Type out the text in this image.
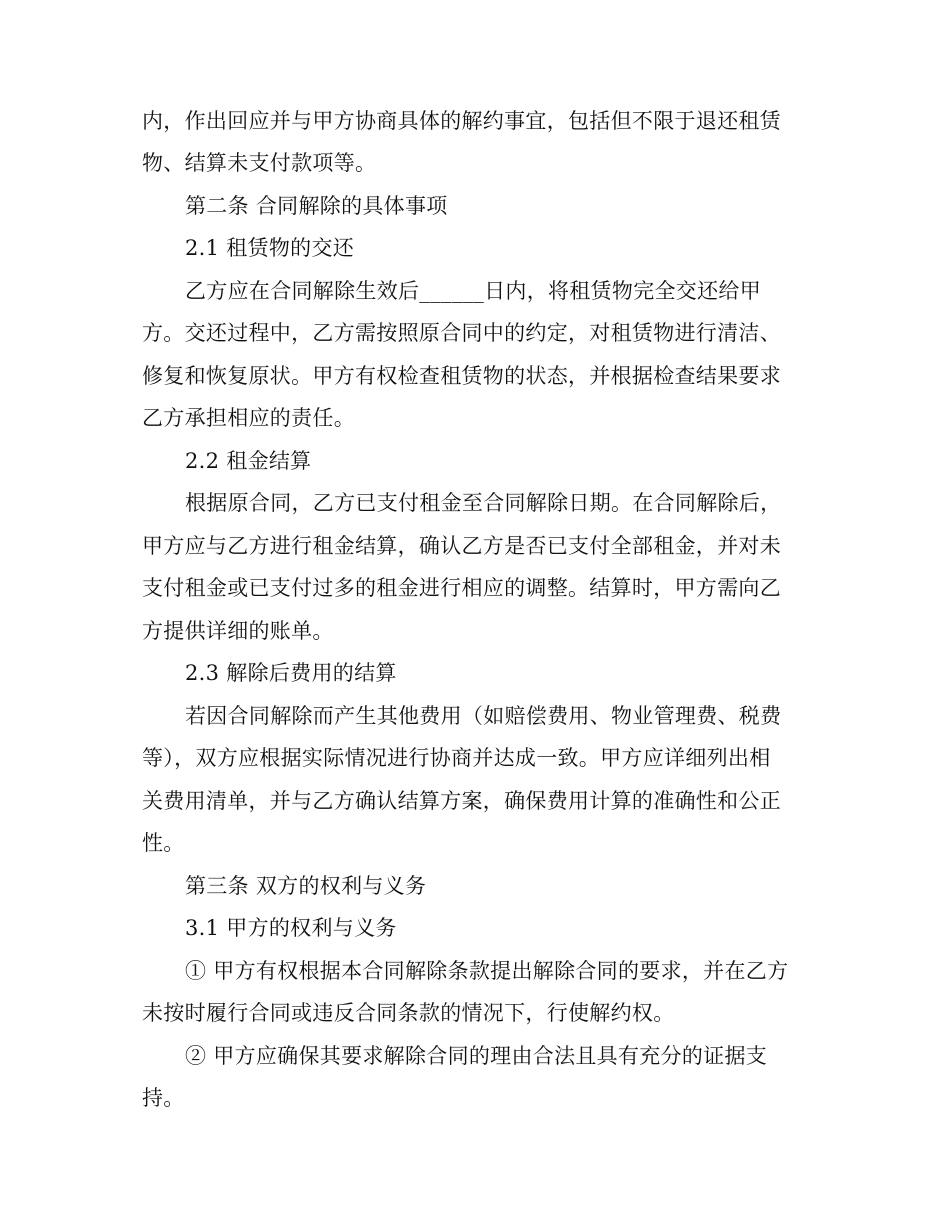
内，作出回应并与甲方协商具体的解约事宜，包括但不限于退还租赁
物、结算未支付款项等。
第二条 合同解除的具体事项
2.1 租赁物的交还
乙方应在合同解除生效后______日内，将租赁物完全交还给甲
方。交还过程中，乙方需按照原合同中的约定，对租赁物进行清洁、
修复和恢复原状。甲方有权检查租赁物的状态，并根据检查结果要求
乙方承担相应的责任。
2.2 租金结算
根据原合同，乙方已支付租金至合同解除日期。在合同解除后，
甲方应与乙方进行租金结算，确认乙方是否已支付全部租金，并对未
支付租金或已支付过多的租金进行相应的调整。结算时，甲方需向乙
方提供详细的账单。
2.3 解除后费用的结算
若因合同解除而产生其他费用（如赔偿费用、物业管理费、税费
等），双方应根据实际情况进行协商并达成一致。甲方应详细列出相
关费用清单，并与乙方确认结算方案，确保费用计算的准确性和公正
性。
第三条 双方的权利与义务
3.1 甲方的权利与义务
① 甲方有权根据本合同解除条款提出解除合同的要求，并在乙方
未按时履行合同或违反合同条款的情况下，行使解约权。
② 甲方应确保其要求解除合同的理由合法且具有充分的证据支
持。
